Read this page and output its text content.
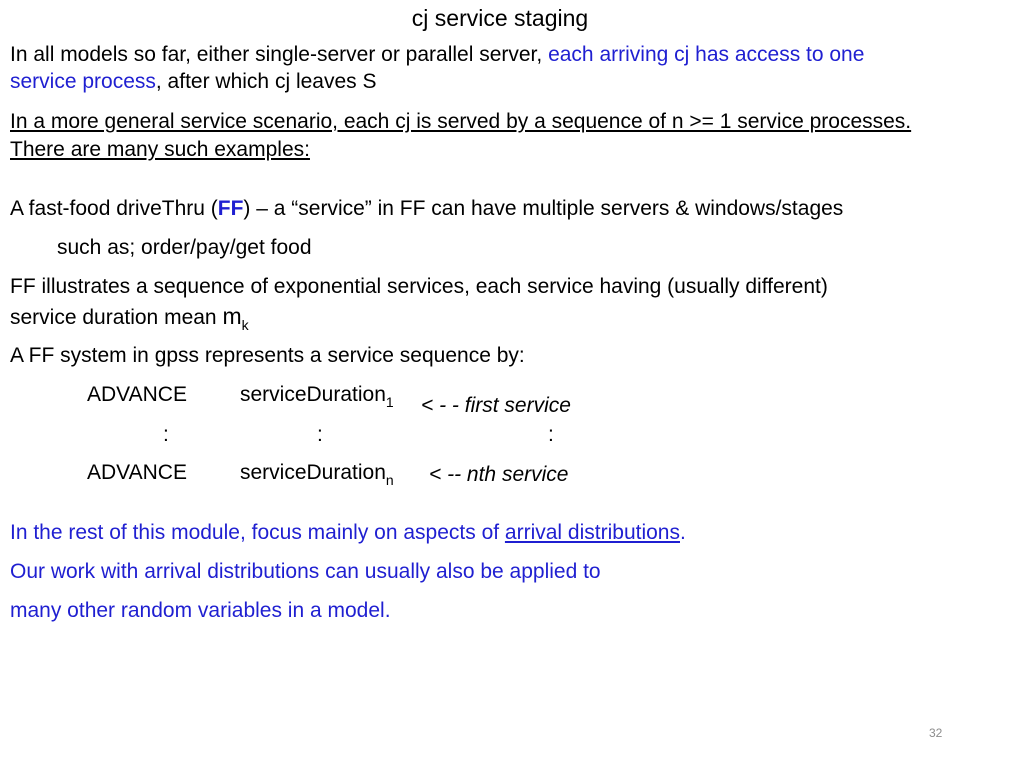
cj service staging
In all models so far, either single-server or parallel server, each arriving cj has access to one
service process, after which cj leaves S
In a more general service scenario, each cj is served by a sequence of n >= 1 service processes.
There are many such examples:
A fast-food driveThru (FF) – a “service” in FF can have multiple servers & windows/stages
such as; order/pay/get food
FF illustrates a sequence of exponential services, each service having (usually different)
service duration mean $m_k$
A FF system in gpss represents a service sequence by:
ADVANCE	serviceDuration$_1$ < - - first service
:	:	:
ADVANCE	serviceDuration$_n$ < -- nth service
In the rest of this module, focus mainly on aspects of arrival distributions.
Our work with arrival distributions can usually also be applied to
many other random variables in a model.
32
